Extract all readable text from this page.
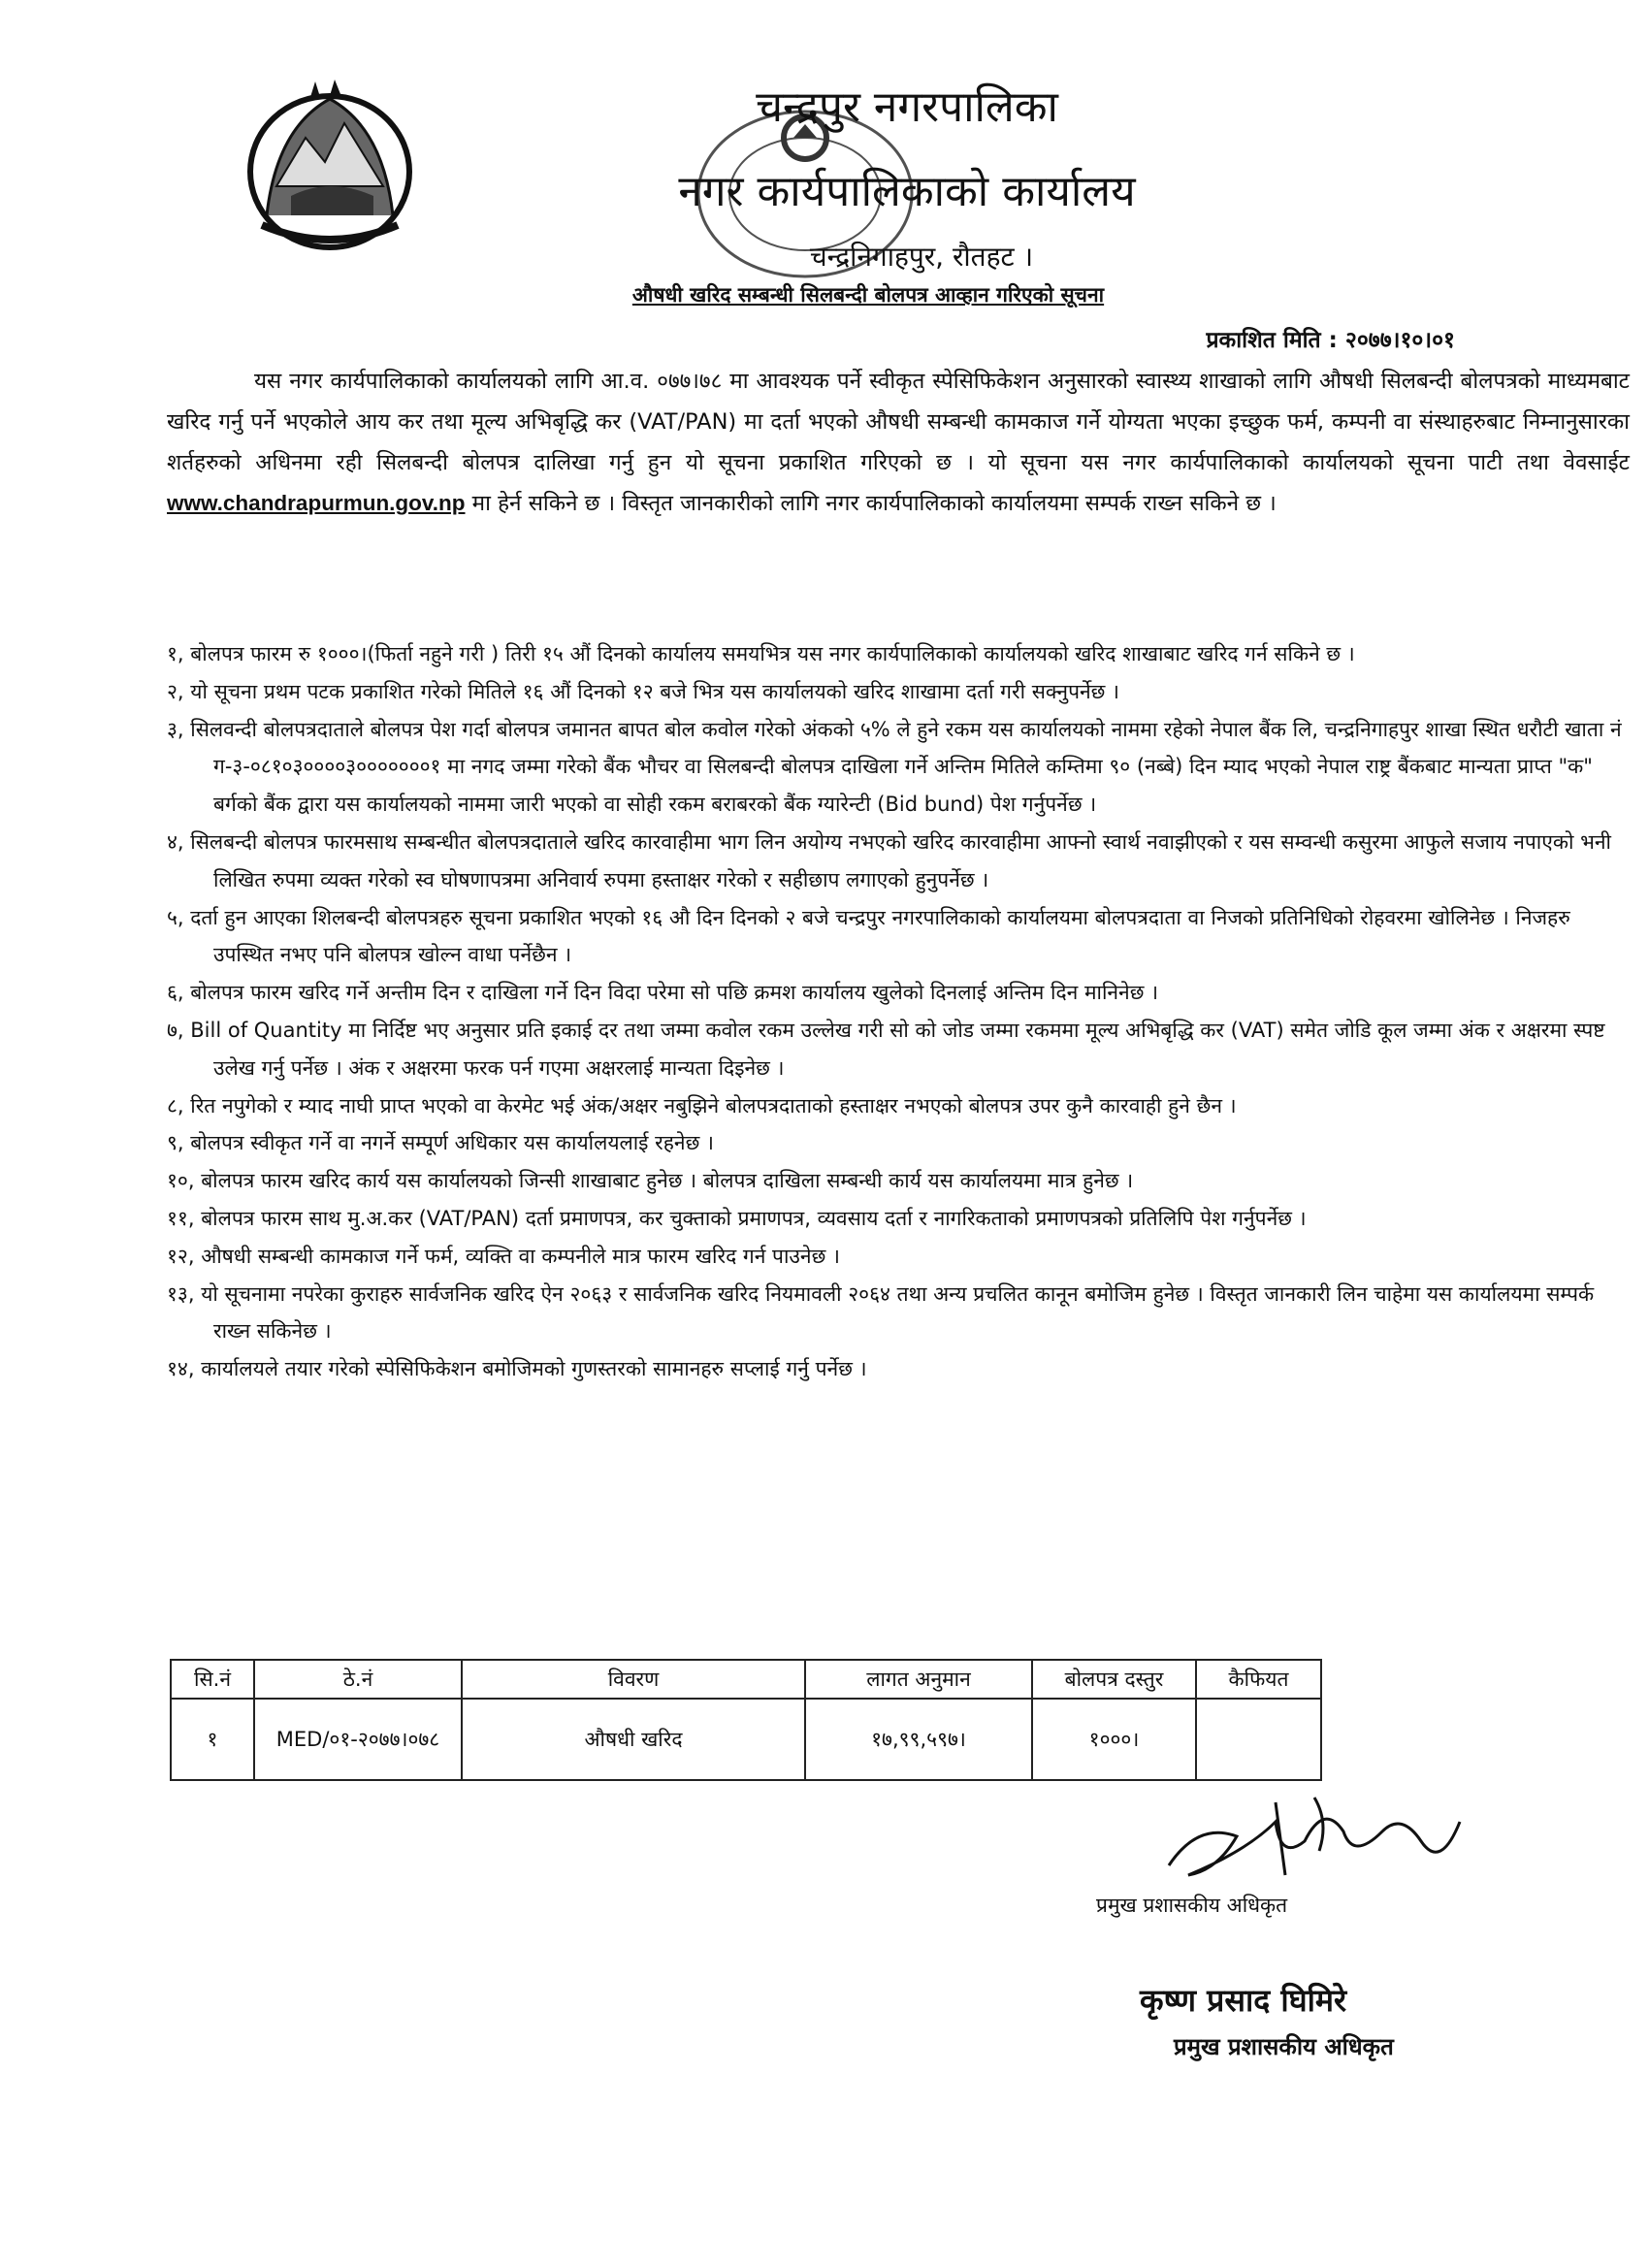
चन्द्रपुर नगरपालिका
नगर कार्यपालिकाको कार्यालय
चन्द्रनिगाहपुर, रौतहट ।
औषधी खरिद सम्बन्धी सिलबन्दी बोलपत्र आव्हान गरिएको सूचना
प्रकाशित मिति : २०७७।१०।०१
यस नगर कार्यपालिकाको कार्यालयको लागि आ.व. ०७७।७८ मा आवश्यक पर्ने स्वीकृत स्पेसिफिकेशन अनुसारको स्वास्थ्य शाखाको लागि औषधी सिलबन्दी बोलपत्रको माध्यमबाट खरिद गर्नु पर्ने भएकोले आय कर तथा मूल्य अभिबृद्धि कर (VAT/PAN) मा दर्ता भएको औषधी सम्बन्धी कामकाज गर्ने योग्यता भएका इच्छुक फर्म, कम्पनी वा संस्थाहरुबाट निम्नानुसारका शर्तहरुको अधिनमा रही सिलबन्दी बोलपत्र दालिखा गर्नु हुन यो सूचना प्रकाशित गरिएको छ । यो सूचना यस नगर कार्यपालिकाको कार्यालयको सूचना पाटी तथा वेवसाईट www.chandrapurmun.gov.np मा हेर्न सकिने छ । विस्तृत जानकारीको लागि नगर कार्यपालिकाको कार्यालयमा सम्पर्क राख्न सकिने छ ।

१, बोलपत्र फारम रु १०००।(फिर्ता नहुने गरी ) तिरी १५ औं दिनको कार्यालय समयभित्र यस नगर कार्यपालिकाको कार्यालयको खरिद शाखाबाट खरिद गर्न सकिने छ ।

२, यो सूचना प्रथम पटक प्रकाशित गरेको मितिले १६ औं दिनको १२ बजे भित्र यस कार्यालयको खरिद शाखामा दर्ता गरी सक्नुपर्नेछ ।

३, सिलवन्दी बोलपत्रदाताले बोलपत्र पेश गर्दा बोलपत्र जमानत बापत बोल कवोल गरेको अंकको ५% ले हुने रकम यस कार्यालयको नाममा रहेको नेपाल बैंक लि, चन्द्रनिगाहपुर शाखा स्थित धरौटी खाता नं ग-३-०८१०३००००३०००००००१ मा नगद जम्मा गरेको बैंक भौचर वा सिलबन्दी बोलपत्र दाखिला गर्ने अन्तिम मितिले कम्तिमा ९० (नब्बे) दिन म्याद भएको नेपाल राष्ट्र बैंकबाट मान्यता प्राप्त "क" बर्गको बैंक द्वारा यस कार्यालयको नाममा जारी भएको वा सोही रकम बराबरको बैंक ग्यारेन्टी (Bid bund) पेश गर्नुपर्नेछ ।

४, सिलबन्दी बोलपत्र फारमसाथ सम्बन्धीत बोलपत्रदाताले खरिद कारवाहीमा भाग लिन अयोग्य नभएको खरिद कारवाहीमा आफ्नो स्वार्थ नवाझीएको र यस सम्वन्धी कसुरमा आफुले सजाय नपाएको भनी लिखित रुपमा व्यक्त गरेको स्व घोषणापत्रमा अनिवार्य रुपमा हस्ताक्षर गरेको र सहीछाप लगाएको हुनुपर्नेछ ।

५, दर्ता हुन आएका शिलबन्दी बोलपत्रहरु सूचना प्रकाशित भएको १६ औ दिन दिनको २ बजे चन्द्रपुर नगरपालिकाको कार्यालयमा बोलपत्रदाता वा निजको प्रतिनिधिको रोहवरमा खोलिनेछ । निजहरु उपस्थित नभए पनि बोलपत्र खोल्न वाधा पर्नेछैन ।

६, बोलपत्र फारम खरिद गर्ने अन्तीम दिन र दाखिला गर्ने दिन विदा परेमा सो पछि क्रमश कार्यालय खुलेको दिनलाई अन्तिम दिन मानिनेछ ।

७, Bill of Quantity मा निर्दिष्ट भए अनुसार प्रति इकाई दर तथा जम्मा कवोल रकम उल्लेख गरी सो को जोड जम्मा रकममा मूल्य अभिबृद्धि कर (VAT) समेत जोडि कूल जम्मा अंक र अक्षरमा स्पष्ट उलेख गर्नु पर्नेछ । अंक र अक्षरमा फरक पर्न गएमा अक्षरलाई मान्यता दिइनेछ ।

८, रित नपुगेको र म्याद नाघी प्राप्त भएको वा केरमेट भई अंक/अक्षर नबुझिने बोलपत्रदाताको हस्ताक्षर नभएको बोलपत्र उपर कुनै कारवाही हुने छैन ।

९, बोलपत्र स्वीकृत गर्ने वा नगर्ने सम्पूर्ण अधिकार यस कार्यालयलाई रहनेछ ।

१०, बोलपत्र फारम खरिद कार्य यस कार्यालयको जिन्सी शाखाबाट हुनेछ । बोलपत्र दाखिला सम्बन्धी कार्य यस कार्यालयमा मात्र हुनेछ ।

११, बोलपत्र फारम साथ मु.अ.कर (VAT/PAN) दर्ता प्रमाणपत्र, कर चुक्ताको प्रमाणपत्र, व्यवसाय दर्ता र नागरिकताको प्रमाणपत्रको प्रतिलिपि पेश गर्नुपर्नेछ ।

१२, औषधी सम्बन्धी कामकाज गर्ने फर्म, व्यक्ति वा कम्पनीले मात्र फारम खरिद गर्न पाउनेछ ।

१३, यो सूचनामा नपरेका कुराहरु सार्वजनिक खरिद ऐन २०६३ र सार्वजनिक खरिद नियमावली २०६४ तथा अन्य प्रचलित कानून बमोजिम हुनेछ । विस्तृत जानकारी लिन चाहेमा यस कार्यालयमा सम्पर्क राख्न सकिनेछ ।

१४, कार्यालयले तयार गरेको स्पेसिफिकेशन बमोजिमको गुणस्तरको सामानहरु सप्लाई गर्नु पर्नेछ ।

सि.नं	ठे.नं	विवरण	लागत अनुमान	बोलपत्र दस्तुर	कैफियत
१	MED/०१-२०७७।०७८	औषधी खरिद	१७,९९,५९७।	१०००।	
प्रमुख प्रशासकीय अधिकृत
कृष्ण प्रसाद घिमिरे
प्रमुख प्रशासकीय अधिकृत
